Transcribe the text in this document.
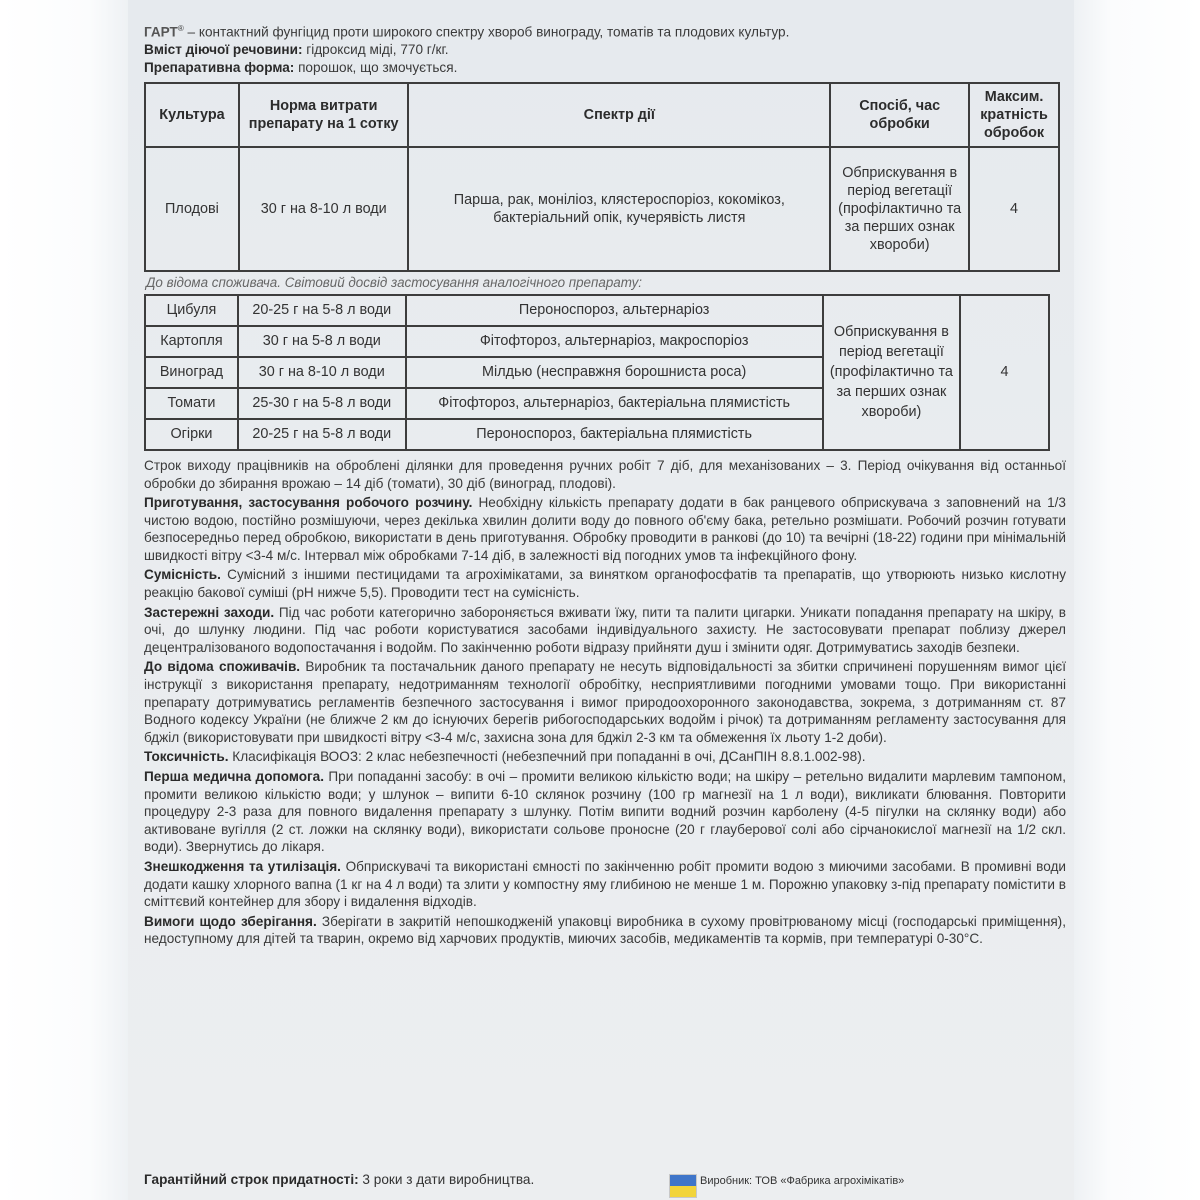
ГАРТ® – контактний фунгіцид проти широкого спектру хвороб винограду, томатів та плодових культур.

Вміст діючої речовини: гідроксид міді, 770 г/кг.

Препаративна форма: порошок, що змочується.

Культура	Норма витрати препарату на 1 сотку	Спектр дії	Спосіб, час обробки	Максим. кратність обробок
Плодові	30 г на 8-10 л води	Парша, рак, моніліоз, клястероспоріоз, кокомікоз, бактеріальний опік, кучерявість листя	Обприскування в період вегетації (профілактично та за перших ознак хвороби)	4
До відома споживача. Світовий досвід застосування аналогічного препарату:
Цибуля	20-25 г на 5-8 л води	Пероноспороз, альтернаріоз	Обприскування в період вегетації (профілактично та за перших ознак хвороби)	4
Картопля	30 г на 5-8 л води	Фітофтороз, альтернаріоз, макроспоріоз		
Виноград	30 г на 8-10 л води	Мілдью (несправжня борошниста роса)		
Томати	25-30 г на 5-8 л води	Фітофтороз, альтернаріоз, бактеріальна плямистість		
Огірки	20-25 г на 5-8 л води	Пероноспороз, бактеріальна плямистість		

Строк виходу працівників на оброблені ділянки для проведення ручних робіт 7 діб, для механізованих – 3. Період очікування від останньої обробки до збирання врожаю – 14 діб (томати), 30 діб (виноград, плодові).

Приготування, застосування робочого розчину. Необхідну кількість препарату додати в бак ранцевого обприскувача з заповнений на 1/3 чистою водою, постійно розмішуючи, через декілька хвилин долити воду до повного об'єму бака, ретельно розмішати. Робочий розчин готувати безпосередньо перед обробкою, використати в день приготування. Обробку проводити в ранкові (до 10) та вечірні (18-22) години при мінімальній швидкості вітру <3-4 м/с. Інтервал між обробками 7-14 діб, в залежності від погодних умов та інфекційного фону.

Сумісність. Сумісний з іншими пестицидами та агрохімікатами, за винятком органофосфатів та препаратів, що утворюють низько кислотну реакцію бакової суміші (рН нижче 5,5). Проводити тест на сумісність.

Застережні заходи. Під час роботи категорично забороняється вживати їжу, пити та палити цигарки. Уникати попадання препарату на шкіру, в очі, до шлунку людини. Під час роботи користуватися засобами індивідуального захисту. Не застосовувати препарат поблизу джерел децентралізованого водопостачання і водойм. По закінченню роботи відразу прийняти душ і змінити одяг. Дотримуватись заходів безпеки.

До відома споживачів. Виробник та постачальник даного препарату не несуть відповідальності за збитки спричинені порушенням вимог цієї інструкції з використання препарату, недотриманням технології обробітку, несприятливими погодними умовами тощо. При використанні препарату дотримуватись регламентів безпечного застосування і вимог природоохоронного законодавства, зокрема, з дотриманням ст. 87 Водного кодексу України (не ближче 2 км до існуючих берегів рибогосподарських водойм і річок) та дотриманням регламенту застосування для бджіл (використовувати при швидкості вітру <3-4 м/с, захисна зона для бджіл 2-3 км та обмеження їх льоту 1-2 доби).

Токсичність. Класифікація ВООЗ: 2 клас небезпечності (небезпечний при попаданні в очі, ДСанПІН 8.8.1.002-98).

Перша медична допомога. При попаданні засобу: в очі – промити великою кількістю води; на шкіру – ретельно видалити марлевим тампоном, промити великою кількістю води; у шлунок – випити 6-10 склянок розчину (100 гр магнезії на 1 л води), викликати блювання. Повторити процедуру 2-3 раза для повного видалення препарату з шлунку. Потім випити водний розчин карболену (4-5 пігулки на склянку води) або активоване вугілля (2 ст. ложки на склянку води), використати сольове проносне (20 г глауберової солі або сірчанокислої магнезії на 1/2 скл. води). Звернутись до лікаря.

Знешкодження та утилізація. Обприскувачі та використані ємності по закінченню робіт промити водою з миючими засобами. В промивні води додати кашку хлорного вапна (1 кг на 4 л води) та злити у компостну яму глибиною не менше 1 м. Порожню упаковку з-під препарату помістити в сміттєвий контейнер для збору і видалення відходів.

Вимоги щодо зберігання. Зберігати в закритій непошкодженій упаковці виробника в сухому провітрюваному місці (господарські приміщення), недоступному для дітей та тварин, окремо від харчових продуктів, миючих засобів, медикаментів та кормів, при температурі 0-30°С.

Гарантійний строк придатності: 3 роки з дати виробництва.	Виробник: ТОВ «Фабрика агрохімікатів»
